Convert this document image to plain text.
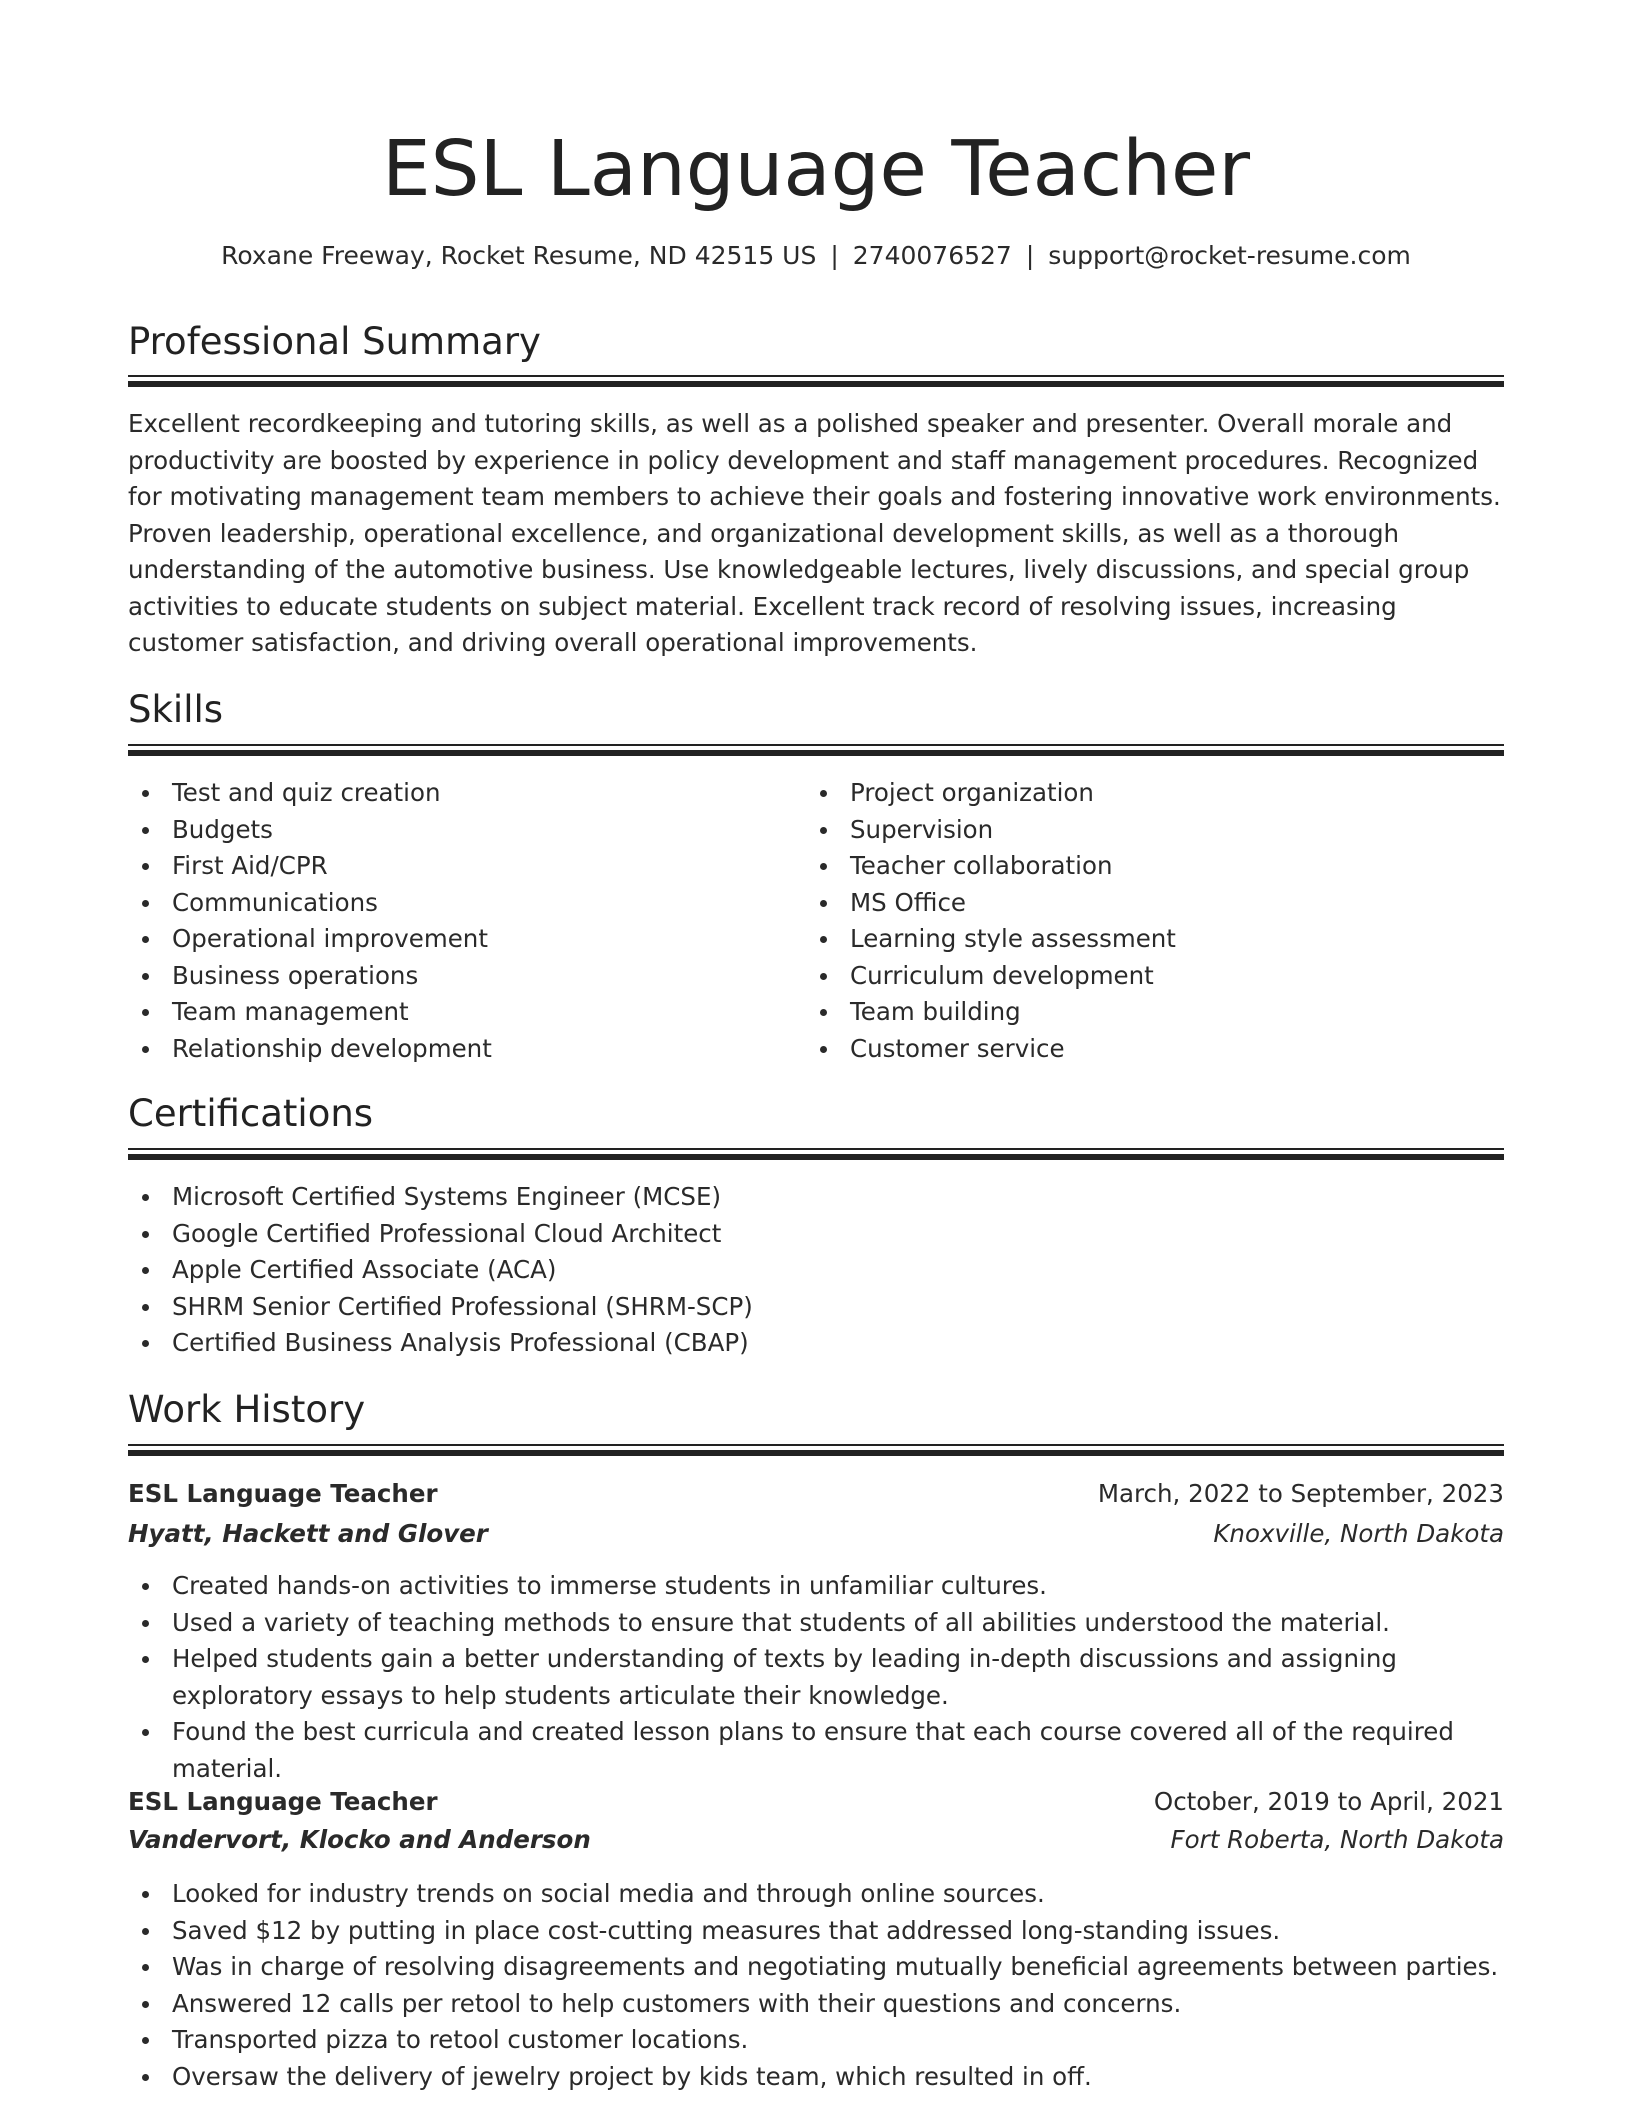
ESL Language Teacher
Roxane Freeway, Rocket Resume, ND 42515 US | 2740076527 | support@rocket-resume.com
Professional Summary

Excellent recordkeeping and tutoring skills, as well as a polished speaker and presenter. Overall morale and productivity are boosted by experience in policy development and staff management procedures. Recognized for motivating management team members to achieve their goals and fostering innovative work environments. Proven leadership, operational excellence, and organizational development skills, as well as a thorough understanding of the automotive business. Use knowledgeable lectures, lively discussions, and special group activities to educate students on subject material. Excellent track record of resolving issues, increasing customer satisfaction, and driving overall operational improvements.

Skills
Test and quiz creation
Budgets
First Aid/CPR
Communications
Operational improvement
Business operations
Team management
Relationship development
Project organization
Supervision
Teacher collaboration
MS Office
Learning style assessment
Curriculum development
Team building
Customer service
Certifications
Microsoft Certified Systems Engineer (MCSE)
Google Certified Professional Cloud Architect
Apple Certified Associate (ACA)
SHRM Senior Certified Professional (SHRM-SCP)
Certified Business Analysis Professional (CBAP)
Work History
ESL Language Teacher	March, 2022 to September, 2023
Hyatt, Hackett and Glover	Knoxville, North Dakota
Created hands-on activities to immerse students in unfamiliar cultures.
Used a variety of teaching methods to ensure that students of all abilities understood the material.
Helped students gain a better understanding of texts by leading in-depth discussions and assigning exploratory essays to help students articulate their knowledge.
Found the best curricula and created lesson plans to ensure that each course covered all of the required material.
ESL Language Teacher	October, 2019 to April, 2021
Vandervort, Klocko and Anderson	Fort Roberta, North Dakota
Looked for industry trends on social media and through online sources.
Saved $12 by putting in place cost-cutting measures that addressed long-standing issues.
Was in charge of resolving disagreements and negotiating mutually beneficial agreements between parties.
Answered 12 calls per retool to help customers with their questions and concerns.
Transported pizza to retool customer locations.
Oversaw the delivery of jewelry project by kids team, which resulted in off.
